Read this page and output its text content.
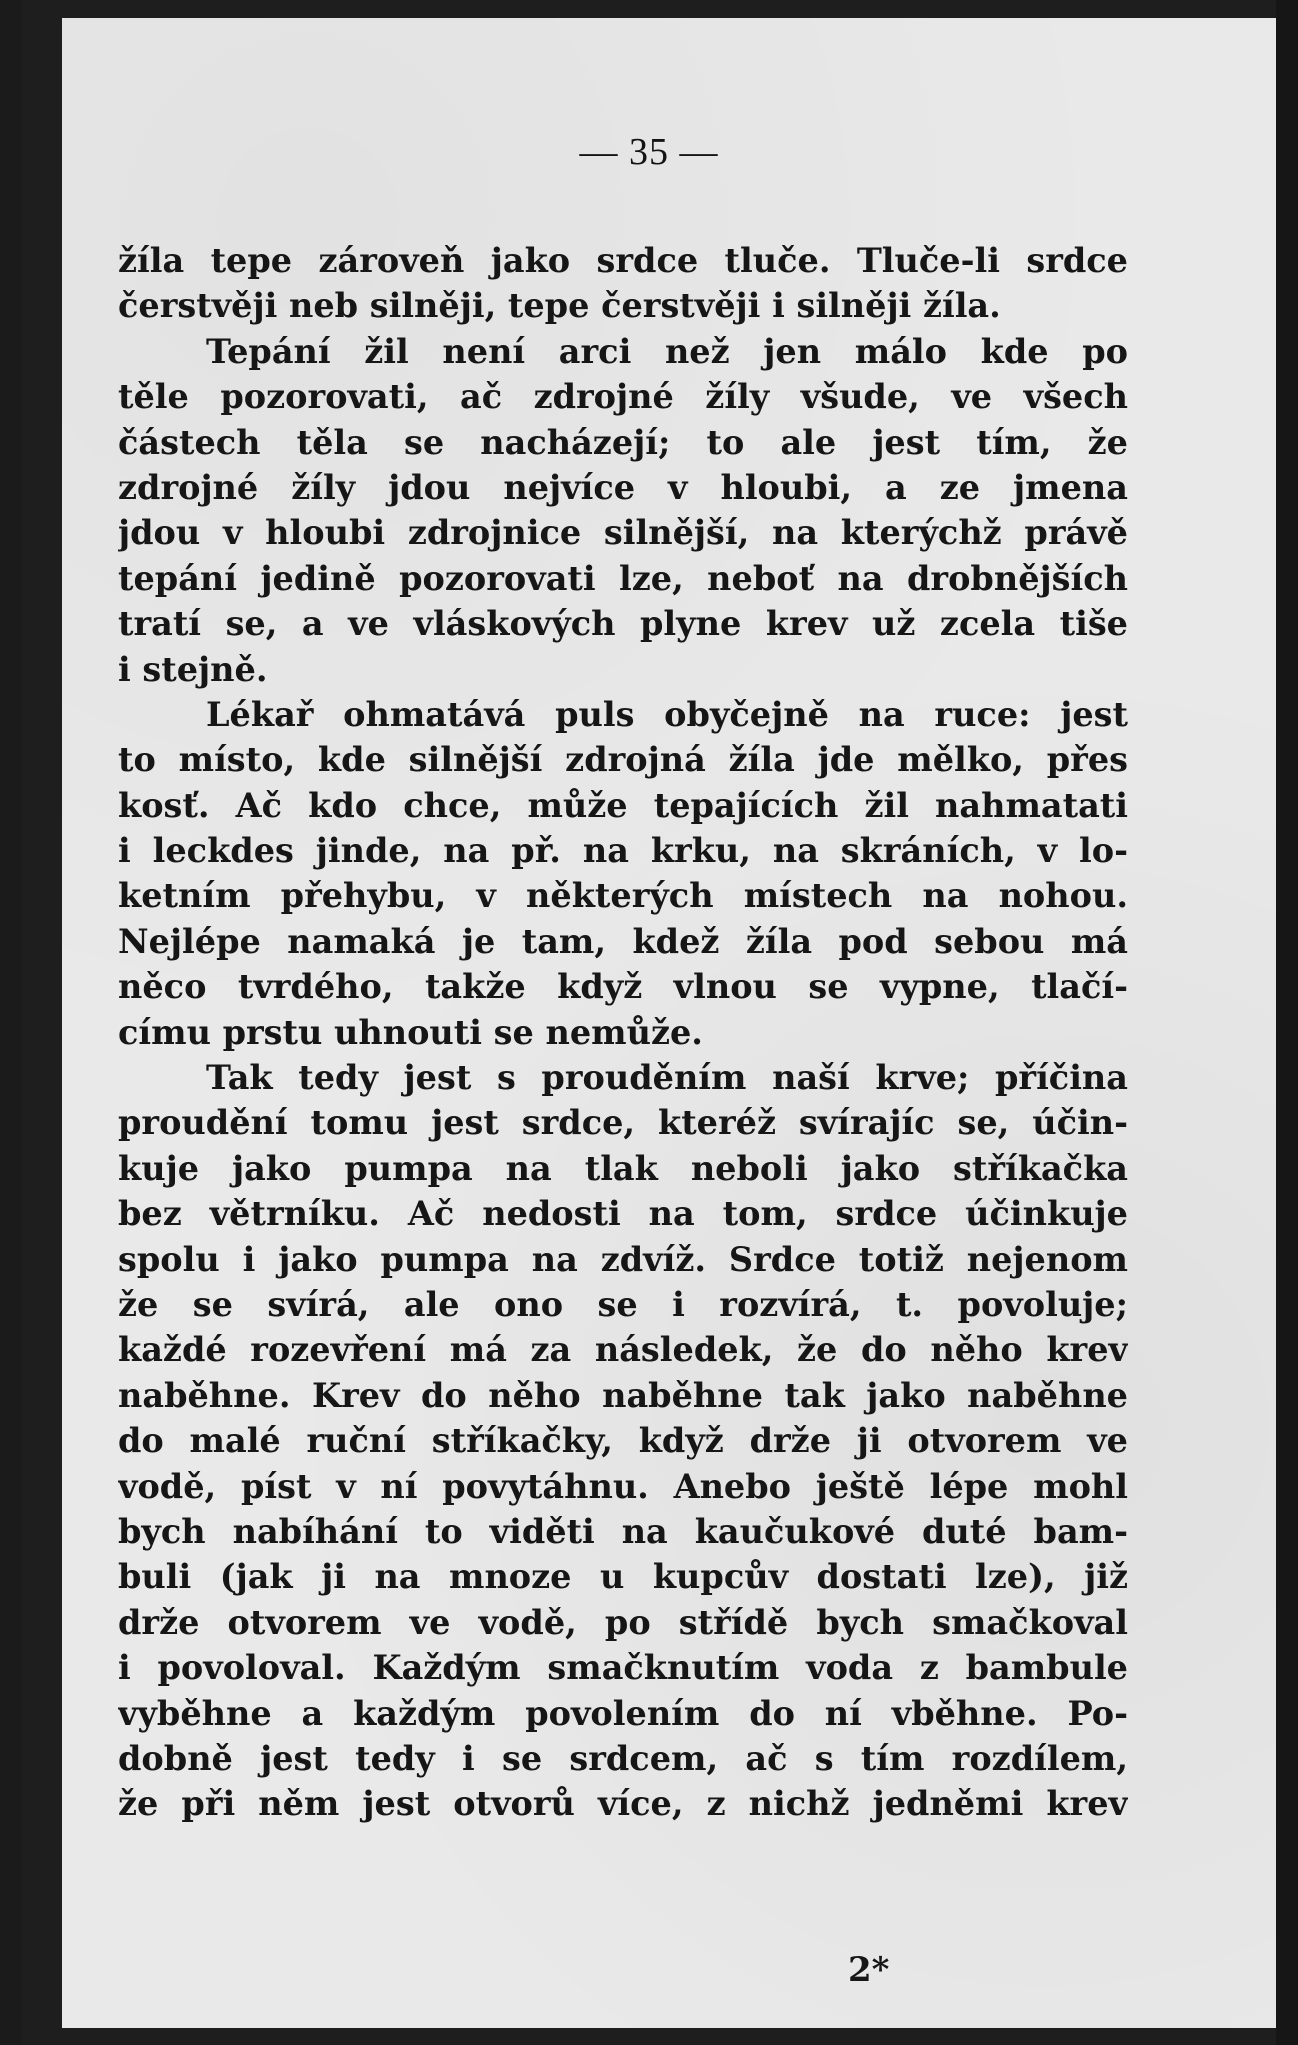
— 35 —
žíla tepe zároveň jako srdce tluče. Tluče-li srdce
čerstvěji neb silněji, tepe čerstvěji i silněji žíla.
Tepání žil není arci než jen málo kde po
těle pozorovati, ač zdrojné žíly všude, ve všech
částech těla se nacházejí; to ale jest tím, že
zdrojné žíly jdou nejvíce v hloubi, a ze jmena
jdou v hloubi zdrojnice silnější, na kterýchž právě
tepání jedině pozorovati lze, neboť na drobnějších
tratí se, a ve vláskových plyne krev už zcela tiše
i stejně.
Lékař ohmatává puls obyčejně na ruce: jest
to místo, kde silnější zdrojná žíla jde mělko, přes
kosť. Ač kdo chce, může tepajících žil nahmatati
i leckdes jinde, na př. na krku, na skráních, v lo-
ketním přehybu, v některých místech na nohou.
Nejlépe namaká je tam, kdež žíla pod sebou má
něco tvrdého, takže když vlnou se vypne, tlačí-
címu prstu uhnouti se nemůže.
Tak tedy jest s prouděním naší krve; příčina
proudění tomu jest srdce, kteréž svírajíc se, účin-
kuje jako pumpa na tlak neboli jako stříkačka
bez větrníku. Ač nedosti na tom, srdce účinkuje
spolu i jako pumpa na zdvíž. Srdce totiž nejenom
že se svírá, ale ono se i rozvírá, t. povoluje;
každé rozevření má za následek, že do něho krev
naběhne. Krev do něho naběhne tak jako naběhne
do malé ruční stříkačky, když drže ji otvorem ve
vodě, píst v ní povytáhnu. Anebo ještě lépe mohl
bych nabíhání to viděti na kaučukové duté bam-
buli (jak ji na mnoze u kupcův dostati lze), již
drže otvorem ve vodě, po střídě bych smačkoval
i povoloval. Každým smačknutím voda z bambule
vyběhne a každým povolením do ní vběhne. Po-
dobně jest tedy i se srdcem, ač s tím rozdílem,
že při něm jest otvorů více, z nichž jedněmi krev
2*
